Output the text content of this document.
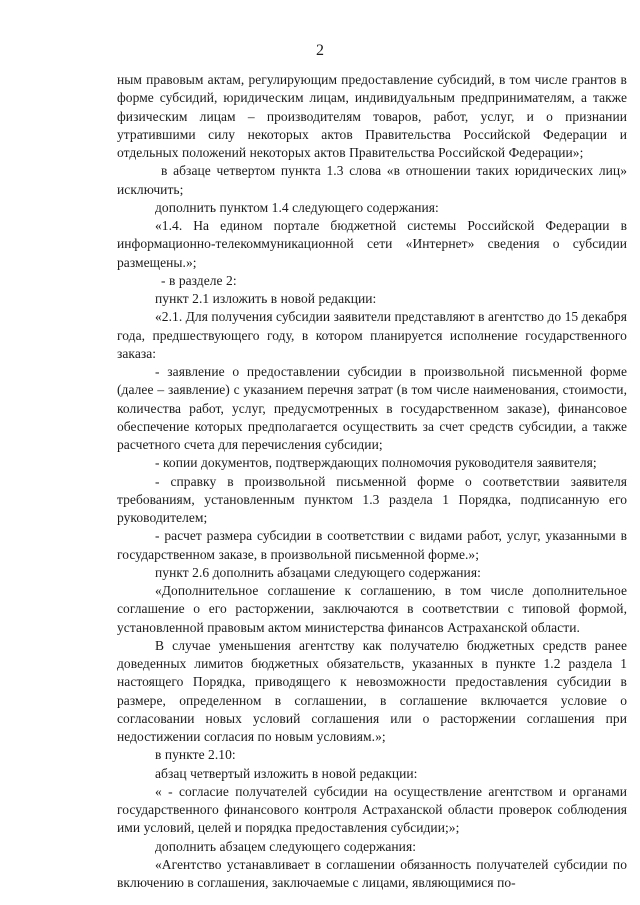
2

ным правовым актам, регулирующим предоставление субсидий, в том числе грантов в форме субсидий, юридическим лицам, индивидуальным предпринимателям, а также физическим лицам – производителям товаров, работ, услуг, и о признании утратившими силу некоторых актов Правительства Российской Федерации и отдельных положений некоторых актов Правительства Российской Федерации»;

в абзаце четвертом пункта 1.3 слова «в отношении таких юридических лиц» исключить;

дополнить пунктом 1.4 следующего содержания:

«1.4. На едином портале бюджетной системы Российской Федерации в информационно-телекоммуникационной сети «Интернет» сведения о субсидии размещены.»;

- в разделе 2:

пункт 2.1 изложить в новой редакции:

«2.1. Для получения субсидии заявители представляют в агентство до 15 декабря года, предшествующего году, в котором планируется исполнение государственного заказа:

- заявление о предоставлении субсидии в произвольной письменной форме (далее – заявление) с указанием перечня затрат (в том числе наименования, стоимости, количества работ, услуг, предусмотренных в государственном заказе), финансовое обеспечение которых предполагается осуществить за счет средств субсидии, а также расчетного счета для перечисления субсидии;

- копии документов, подтверждающих полномочия руководителя заявителя;

- справку в произвольной письменной форме о соответствии заявителя требованиям, установленным пунктом 1.3 раздела 1 Порядка, подписанную его руководителем;

- расчет размера субсидии в соответствии с видами работ, услуг, указанными в государственном заказе, в произвольной письменной форме.»;

пункт 2.6 дополнить абзацами следующего содержания:

«Дополнительное соглашение к соглашению, в том числе дополнительное соглашение о его расторжении, заключаются в соответствии с типовой формой, установленной правовым актом министерства финансов Астраханской области.

В случае уменьшения агентству как получателю бюджетных средств ранее доведенных лимитов бюджетных обязательств, указанных в пункте 1.2 раздела 1 настоящего Порядка, приводящего к невозможности предоставления субсидии в размере, определенном в соглашении, в соглашение включается условие о согласовании новых условий соглашения или о расторжении соглашения при недостижении согласия по новым условиям.»;

в пункте 2.10:

абзац четвертый изложить в новой редакции:

« - согласие получателей субсидии на осуществление агентством и органами государственного финансового контроля Астраханской области проверок соблюдения ими условий, целей и порядка предоставления субсидии;»;

дополнить абзацем следующего содержания:

«Агентство устанавливает в соглашении обязанность получателей субсидии по включению в соглашения, заключаемые с лицами, являющимися по-
